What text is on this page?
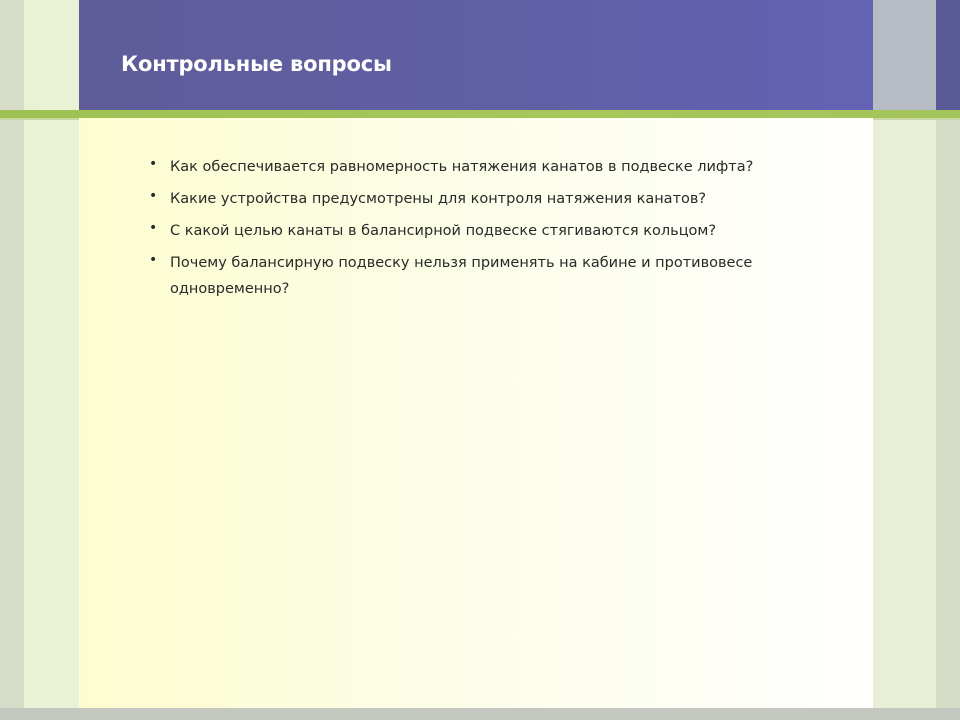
Контрольные вопросы
• Как обеспечивается равномерность натяжения канатов в подвеске лифта?
• Какие устройства предусмотрены для контроля натяжения канатов?
• С какой целью канаты в балансирной подвеске стягиваются кольцом?
• Почему балансирную подвеску нельзя применять на кабине и противовесе одновременно?
